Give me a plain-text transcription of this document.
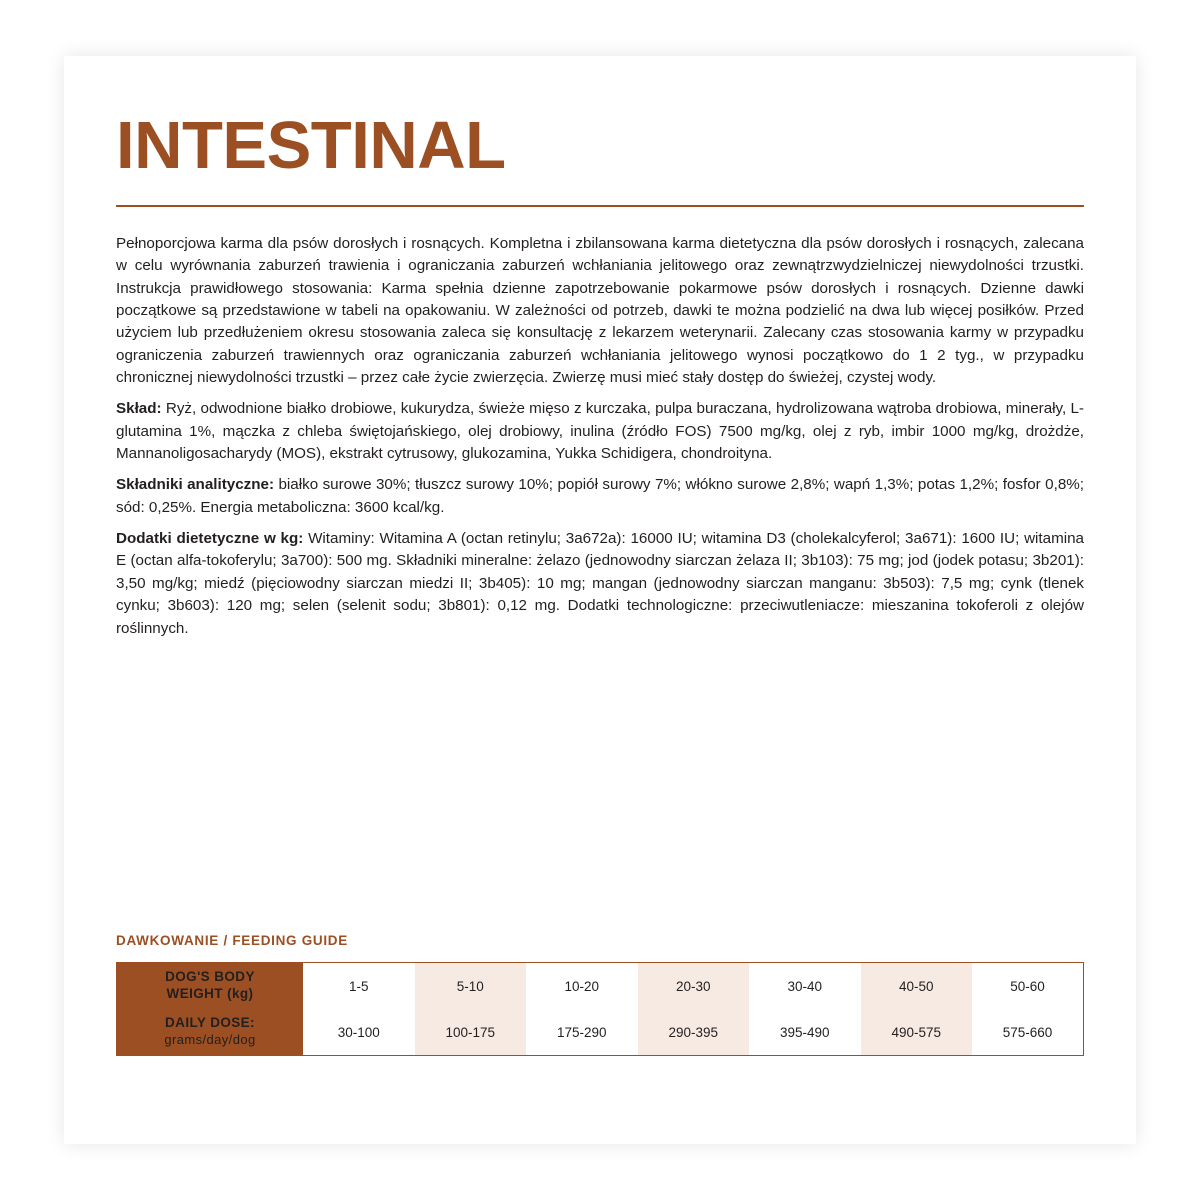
INTESTINAL

Pełnoporcjowa karma dla psów dorosłych i rosnących. Kompletna i zbilansowana karma dietetyczna dla psów dorosłych i rosnących, zalecana w celu wyrównania zaburzeń trawienia i ograniczania zaburzeń wchłaniania jelitowego oraz zewnątrzwydzielniczej niewydolności trzustki. Instrukcja prawidłowego stosowania: Karma spełnia dzienne zapotrzebowanie pokarmowe psów dorosłych i rosnących. Dzienne dawki początkowe są przedstawione w tabeli na opakowaniu. W zależności od potrzeb, dawki te można podzielić na dwa lub więcej posiłków. Przed użyciem lub przedłużeniem okresu stosowania zaleca się konsultację z lekarzem weterynarii. Zalecany czas stosowania karmy w przypadku ograniczenia zaburzeń trawiennych oraz ograniczania zaburzeń wchłaniania jelitowego wynosi początkowo do 1 2 tyg., w przypadku chronicznej niewydolności trzustki – przez całe życie zwierzęcia. Zwierzę musi mieć stały dostęp do świeżej, czystej wody.

Skład: Ryż, odwodnione białko drobiowe, kukurydza, świeże mięso z kurczaka, pulpa buraczana, hydrolizowana wątroba drobiowa, minerały, L-glutamina 1%, mączka z chleba świętojańskiego, olej drobiowy, inulina (źródło FOS) 7500 mg/kg, olej z ryb, imbir 1000 mg/kg, drożdże, Mannanoligosacharydy (MOS), ekstrakt cytrusowy, glukozamina, Yukka Schidigera, chondroityna.

Składniki analityczne: białko surowe 30%; tłuszcz surowy 10%; popiół surowy 7%; włókno surowe 2,8%; wapń 1,3%; potas 1,2%; fosfor 0,8%; sód: 0,25%. Energia metaboliczna: 3600 kcal/kg.

Dodatki dietetyczne w kg: Witaminy: Witamina A (octan retinylu; 3a672a): 16000 IU; witamina D3 (cholekalcyferol; 3a671): 1600 IU; witamina E (octan alfa-tokoferylu; 3a700): 500 mg. Składniki mineralne: żelazo (jednowodny siarczan żelaza II; 3b103): 75 mg; jod (jodek potasu; 3b201): 3,50 mg/kg; miedź (pięciowodny siarczan miedzi II; 3b405): 10 mg; mangan (jednowodny siarczan manganu: 3b503): 7,5 mg; cynk (tlenek cynku; 3b603): 120 mg; selen (selenit sodu; 3b801): 0,12 mg. Dodatki technologiczne: przeciwutleniacze: mieszanina tokoferoli z olejów roślinnych.

DAWKOWANIE / FEEDING GUIDE
DOG'S BODY
WEIGHT (kg)	1-5	5-10	10-20	20-30	30-40	40-50	50-60
DAILY DOSE:
grams/day/dog	30-100	100-175	175-290	290-395	395-490	490-575	575-660
